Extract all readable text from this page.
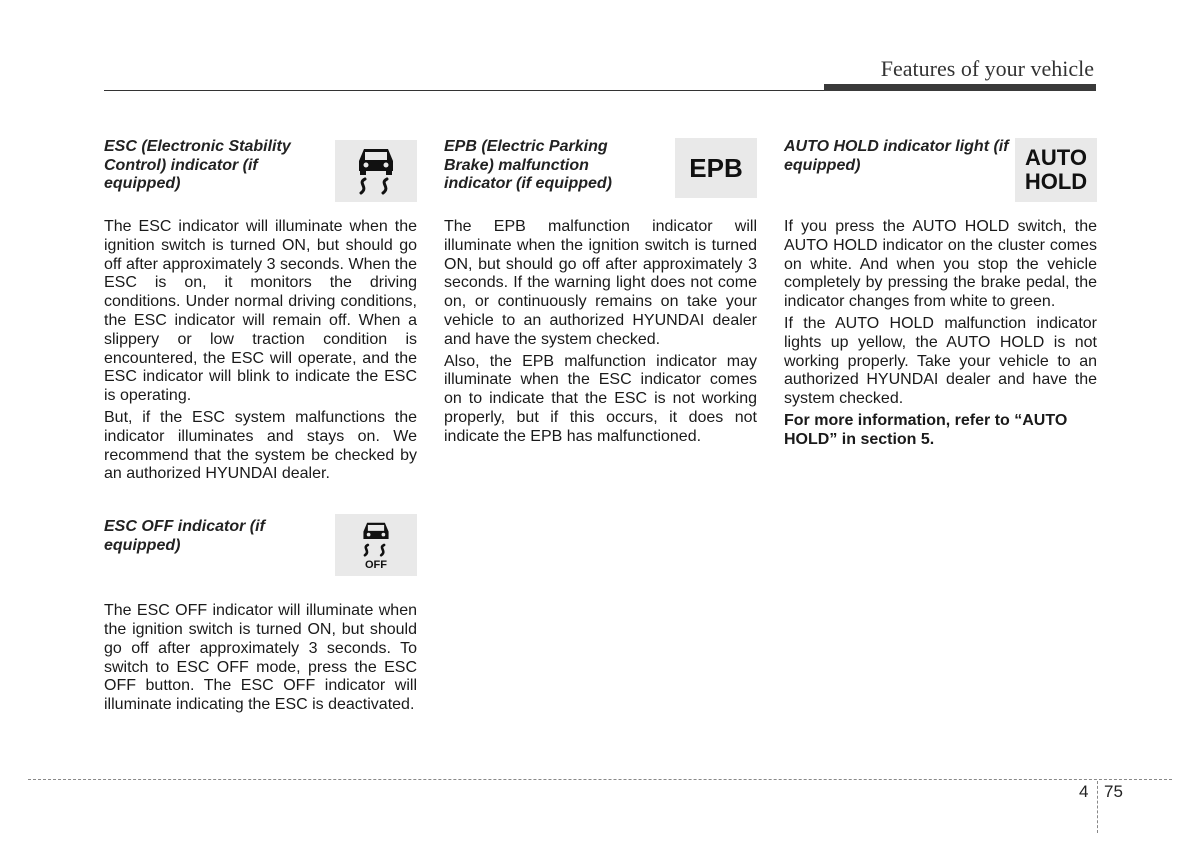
Features of your vehicle

ESC (Electronic Stability Control) indicator (if equipped)

The ESC indicator will illuminate when the ignition switch is turned ON, but should go off after approximately 3 seconds. When the ESC is on, it monitors the driving conditions. Under normal driving conditions, the ESC indicator will remain off. When a slippery or low traction condition is encountered, the ESC will operate, and the ESC indicator will blink to indicate the ESC is operating.

But, if the ESC system malfunctions the indicator illuminates and stays on. We recommend that the system be checked by an authorized HYUNDAI dealer.

ESC OFF indicator (if equipped)

OFF

The ESC OFF indicator will illuminate when the ignition switch is turned ON, but should go off after approximately 3 seconds. To switch to ESC OFF mode, press the ESC OFF button. The ESC OFF indicator will illuminate indicating the ESC is deactivated.

EPB (Electric Parking Brake) malfunction indicator (if equipped)

EPB

The EPB malfunction indicator will illuminate when the ignition switch is turned ON, but should go off after approximately 3 seconds. If the warning light does not come on, or continuously remains on take your vehicle to an authorized HYUNDAI dealer and have the system checked.

Also, the EPB malfunction indicator may illuminate when the ESC indicator comes on to indicate that the ESC is not working properly, but if this occurs, it does not indicate the EPB has malfunctioned.

AUTO HOLD indicator light (if equipped)	AUTO
HOLD

If you press the AUTO HOLD switch, the AUTO HOLD indicator on the cluster comes on white. And when you stop the vehicle completely by pressing the brake pedal, the indicator changes from white to green.

If the AUTO HOLD malfunction indicator lights up yellow, the AUTO HOLD is not working properly. Take your vehicle to an authorized HYUNDAI dealer and have the system checked.

For more information, refer to “AUTO HOLD” in section 5.

4 75
